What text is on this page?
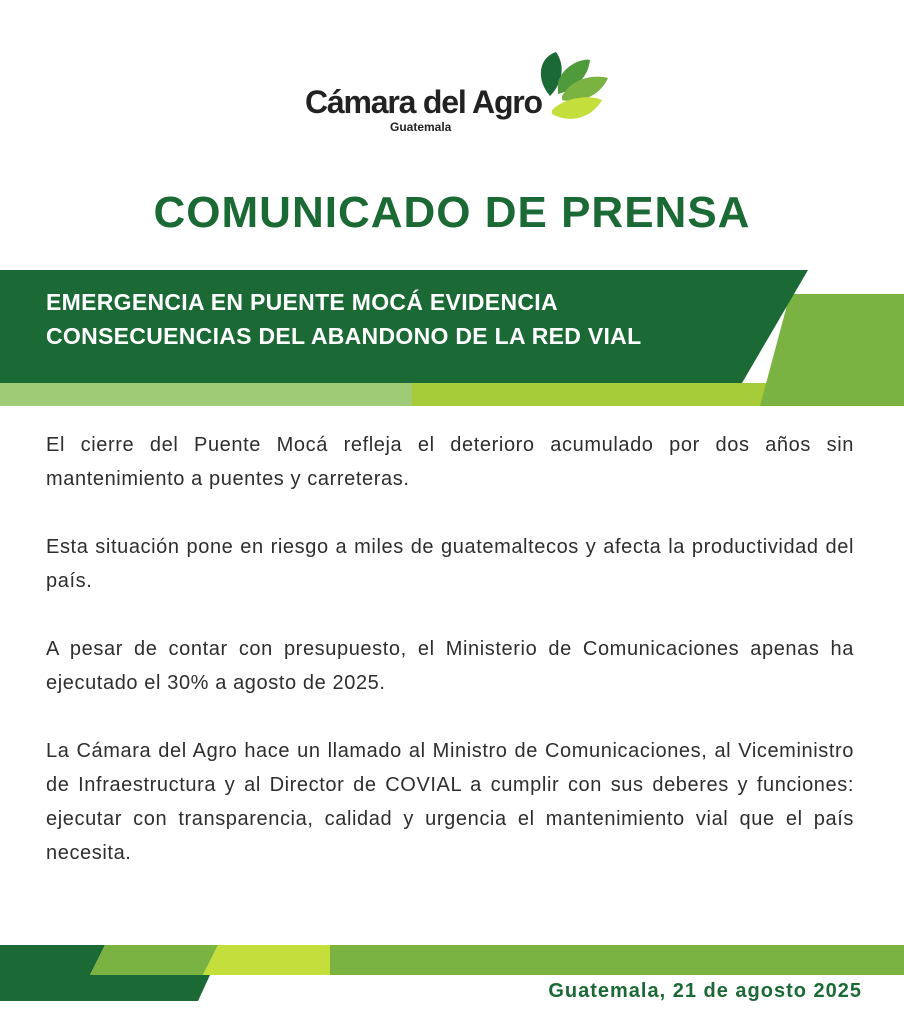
Cámara del Agro
Guatemala
COMUNICADO DE PRENSA
EMERGENCIA EN PUENTE MOCÁ EVIDENCIA
CONSECUENCIAS DEL ABANDONO DE LA RED VIAL

El cierre del Puente Mocá refleja el deterioro acumulado por dos años sin mantenimiento a puentes y carreteras.

Esta situación pone en riesgo a miles de guatemaltecos y afecta la productividad del país.

A pesar de contar con presupuesto, el Ministerio de Comunicaciones apenas ha ejecutado el 30% a agosto de 2025.

La Cámara del Agro hace un llamado al Ministro de Comunicaciones, al Viceministro de Infraestructura y al Director de COVIAL a cumplir con sus deberes y funciones: ejecutar con transparencia, calidad y urgencia el mantenimiento vial que el país necesita.

Guatemala, 21 de agosto 2025
